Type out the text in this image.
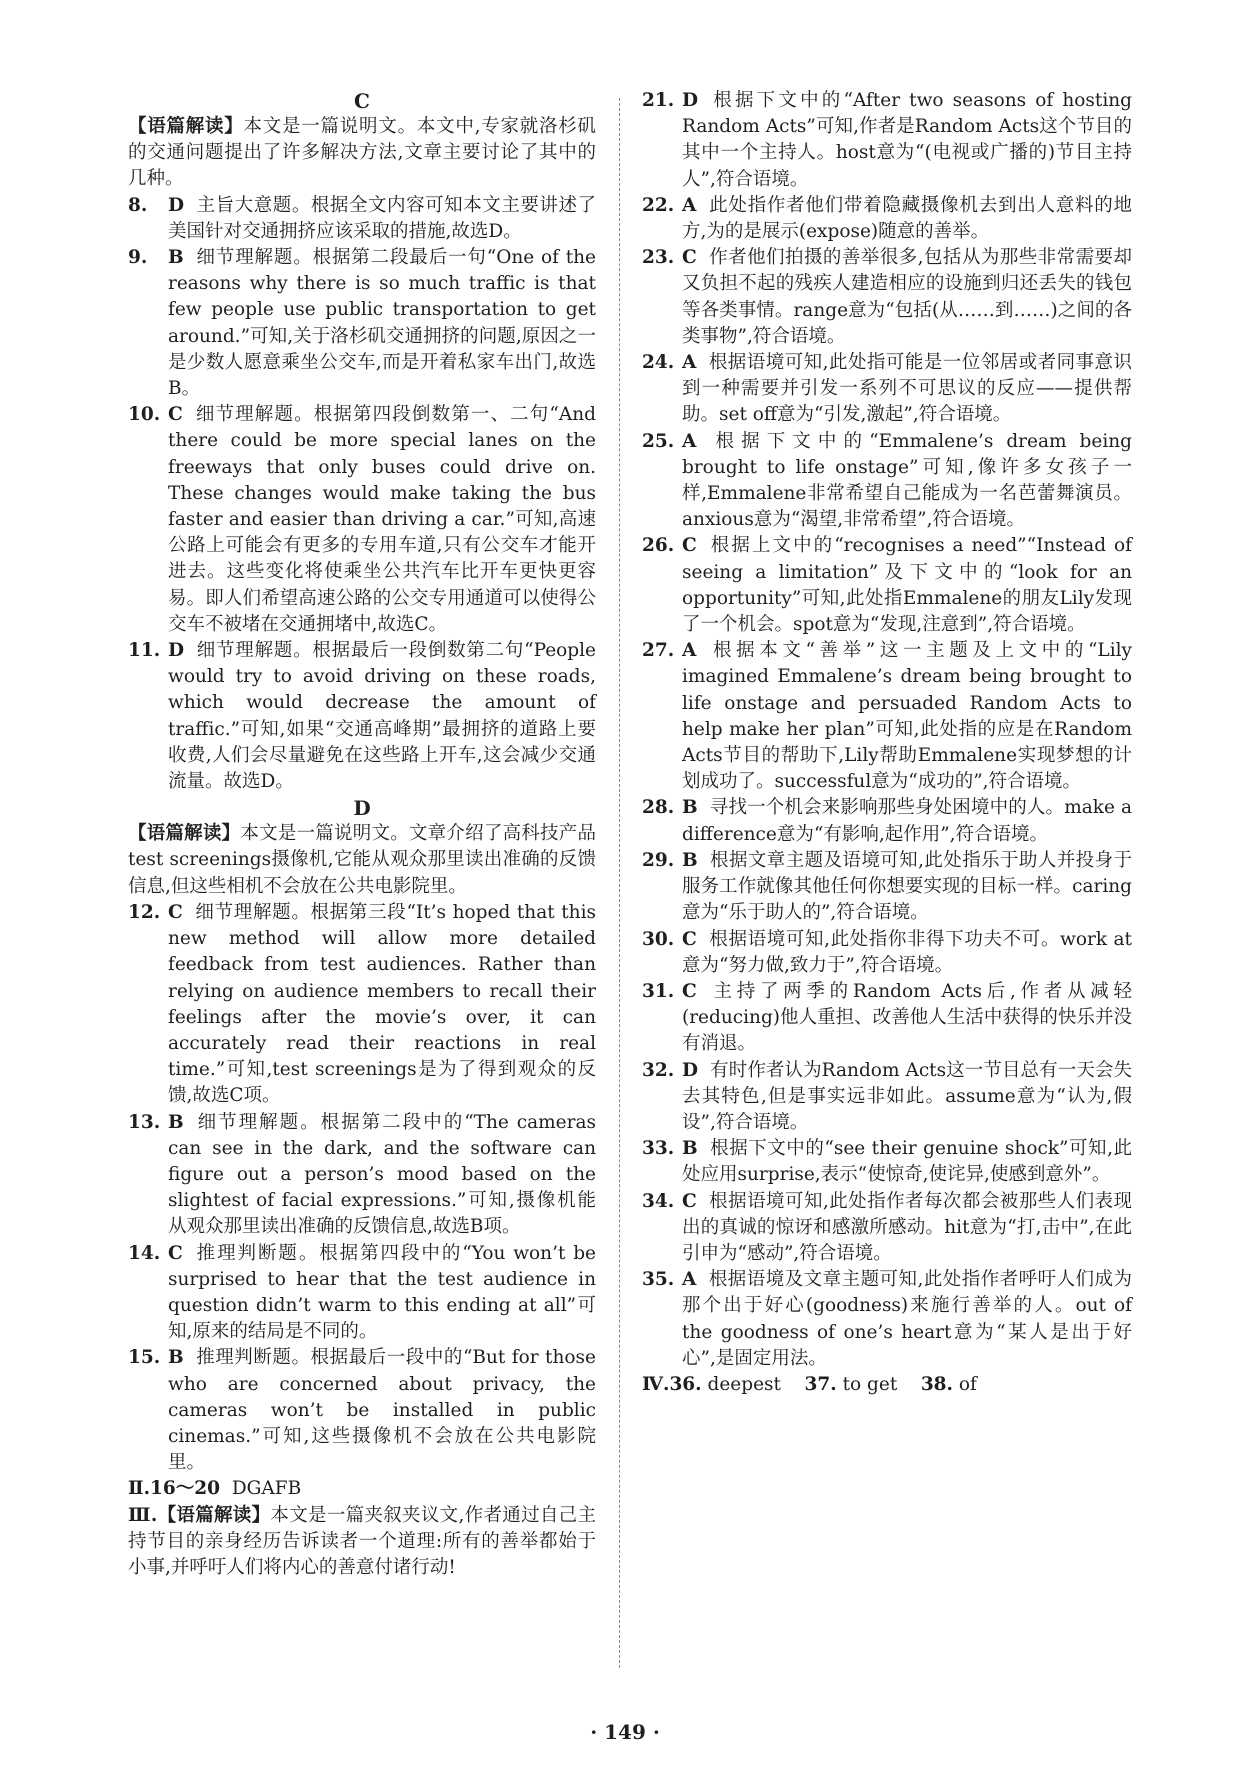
C

【语篇解读】本文是一篇说明文。本文中,专家就洛杉矶的交通问题提出了许多解决方法,文章主要讨论了其中的几种。

8. D 主旨大意题。根据全文内容可知本文主要讲述了美国针对交通拥挤应该采取的措施,故选D。
9. B 细节理解题。根据第二段最后一句“One of the reasons why there is so much traffic is that few people use public transportation to get around.”可知,关于洛杉矶交通拥挤的问题,原因之一是少数人愿意乘坐公交车,而是开着私家车出门,故选B。
10. C 细节理解题。根据第四段倒数第一、二句“And there could be more special lanes on the freeways that only buses could drive on. These changes would make taking the bus faster and easier than driving a car.”可知,高速公路上可能会有更多的专用车道,只有公交车才能开进去。这些变化将使乘坐公共汽车比开车更快更容易。即人们希望高速公路的公交专用通道可以使得公交车不被堵在交通拥堵中,故选C。
11. D 细节理解题。根据最后一段倒数第二句“People would try to avoid driving on these roads, which would decrease the amount of traffic.”可知,如果“交通高峰期”最拥挤的道路上要收费,人们会尽量避免在这些路上开车,这会减少交通流量。故选D。
D

【语篇解读】本文是一篇说明文。文章介绍了高科技产品test screenings摄像机,它能从观众那里读出准确的反馈信息,但这些相机不会放在公共电影院里。

12. C 细节理解题。根据第三段“It’s hoped that this new method will allow more detailed feedback from test audiences. Rather than relying on audience members to recall their feelings after the movie’s over, it can accurately read their reactions in real time.”可知,test screenings是为了得到观众的反馈,故选C项。
13. B 细节理解题。根据第二段中的“The cameras can see in the dark, and the software can figure out a person’s mood based on the slightest of facial expressions.”可知,摄像机能从观众那里读出准确的反馈信息,故选B项。
14. C 推理判断题。根据第四段中的“You won’t be surprised to hear that the test audience in question didn’t warm to this ending at all”可知,原来的结局是不同的。
15. B 推理判断题。根据最后一段中的“But for those who are concerned about privacy, the cameras won’t be installed in public cinemas.”可知,这些摄像机不会放在公共电影院里。
Ⅱ.16～20 DGAFB

Ⅲ.【语篇解读】本文是一篇夹叙夹议文,作者通过自己主持节目的亲身经历告诉读者一个道理:所有的善举都始于小事,并呼吁人们将内心的善意付诸行动!

21. D 根据下文中的“After two seasons of hosting Random Acts”可知,作者是Random Acts这个节目的其中一个主持人。host意为“(电视或广播的)节目主持人”,符合语境。
22. A 此处指作者他们带着隐藏摄像机去到出人意料的地方,为的是展示(expose)随意的善举。
23. C 作者他们拍摄的善举很多,包括从为那些非常需要却又负担不起的残疾人建造相应的设施到归还丢失的钱包等各类事情。range意为“包括(从……到……)之间的各类事物”,符合语境。
24. A 根据语境可知,此处指可能是一位邻居或者同事意识到一种需要并引发一系列不可思议的反应——提供帮助。set off意为“引发,激起”,符合语境。
25. A 根据下文中的“Emmalene’s dream being brought to life onstage”可知,像许多女孩子一样,Emmalene非常希望自己能成为一名芭蕾舞演员。anxious意为“渴望,非常希望”,符合语境。
26. C 根据上文中的“recognises a need”“Instead of seeing a limitation”及下文中的“look for an opportunity”可知,此处指Emmalene的朋友Lily发现了一个机会。spot意为“发现,注意到”,符合语境。
27. A 根据本文“善举”这一主题及上文中的“Lily imagined Emmalene’s dream being brought to life onstage and persuaded Random Acts to help make her plan”可知,此处指的应是在Random Acts节目的帮助下,Lily帮助Emmalene实现梦想的计划成功了。successful意为“成功的”,符合语境。
28. B 寻找一个机会来影响那些身处困境中的人。make a difference意为“有影响,起作用”,符合语境。
29. B 根据文章主题及语境可知,此处指乐于助人并投身于服务工作就像其他任何你想要实现的目标一样。caring意为“乐于助人的”,符合语境。
30. C 根据语境可知,此处指你非得下功夫不可。work at意为“努力做,致力于”,符合语境。
31. C 主持了两季的Random Acts后,作者从减轻(reducing)他人重担、改善他人生活中获得的快乐并没有消退。
32. D 有时作者认为Random Acts这一节目总有一天会失去其特色,但是事实远非如此。assume意为“认为,假设”,符合语境。
33. B 根据下文中的“see their genuine shock”可知,此处应用surprise,表示“使惊奇,使诧异,使感到意外”。
34. C 根据语境可知,此处指作者每次都会被那些人们表现出的真诚的惊讶和感激所感动。hit意为“打,击中”,在此引申为“感动”,符合语境。
35. A 根据语境及文章主题可知,此处指作者呼吁人们成为那个出于好心(goodness)来施行善举的人。out of the goodness of one’s heart意为“某人是出于好心”,是固定用法。
Ⅳ.36. deepest 37. to get 38. of
· 149 ·
